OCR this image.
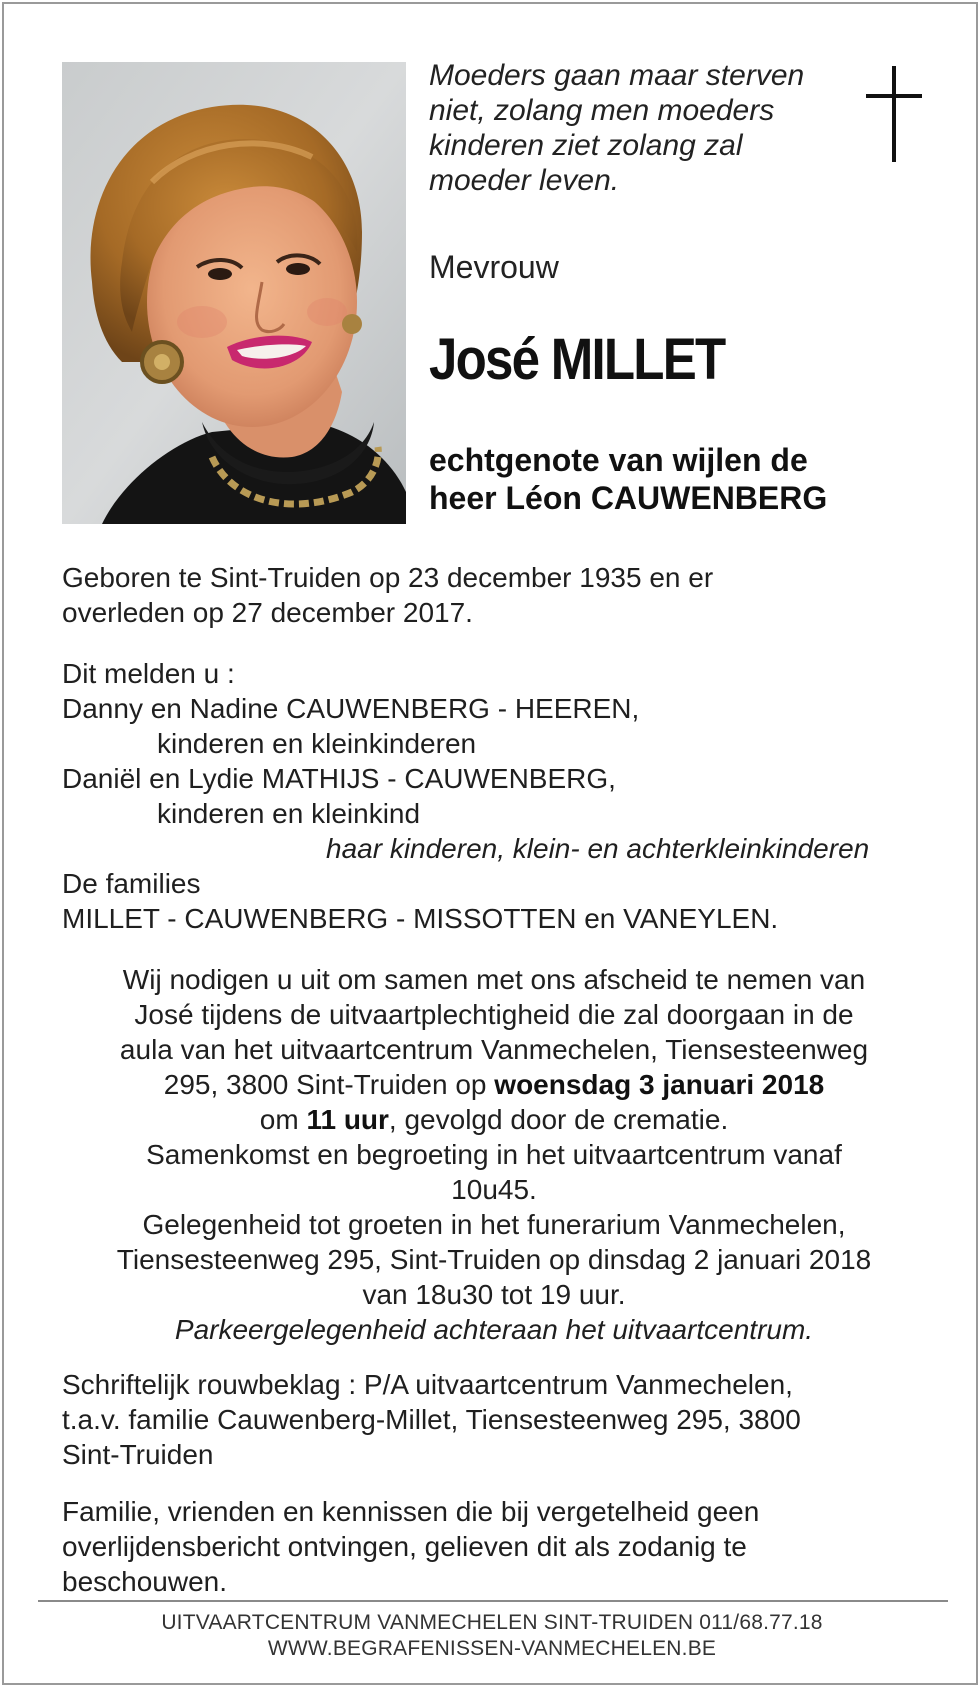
Moeders gaan maar sterven
niet, zolang men moeders
kinderen ziet zolang zal
moeder leven.
Mevrouw
José MILLET
echtgenote van wijlen de
heer Léon CAUWENBERG
Geboren te Sint-Truiden op 23 december 1935 en er
overleden op 27 december 2017.
Dit melden u :
Danny en Nadine CAUWENBERG - HEEREN,
kinderen en kleinkinderen
Daniël en Lydie MATHIJS - CAUWENBERG,
kinderen en kleinkind
haar kinderen, klein- en achterkleinkinderen
De families
MILLET - CAUWENBERG - MISSOTTEN en VANEYLEN.
Wij nodigen u uit om samen met ons afscheid te nemen van
José tijdens de uitvaartplechtigheid die zal doorgaan in de
aula van het uitvaartcentrum Vanmechelen, Tiensesteenweg
295, 3800 Sint-Truiden op woensdag 3 januari 2018
om 11 uur, gevolgd door de crematie.
Samenkomst en begroeting in het uitvaartcentrum vanaf
10u45.
Gelegenheid tot groeten in het funerarium Vanmechelen,
Tiensesteenweg 295, Sint-Truiden op dinsdag 2 januari 2018
van 18u30 tot 19 uur.
Parkeergelegenheid achteraan het uitvaartcentrum.
Schriftelijk rouwbeklag : P/A uitvaartcentrum Vanmechelen,
t.a.v. familie Cauwenberg-Millet, Tiensesteenweg 295, 3800
Sint-Truiden
Familie, vrienden en kennissen die bij vergetelheid geen
overlijdensbericht ontvingen, gelieven dit als zodanig te
beschouwen.
UITVAARTCENTRUM VANMECHELEN SINT-TRUIDEN 011/68.77.18
WWW.BEGRAFENISSEN-VANMECHELEN.BE
